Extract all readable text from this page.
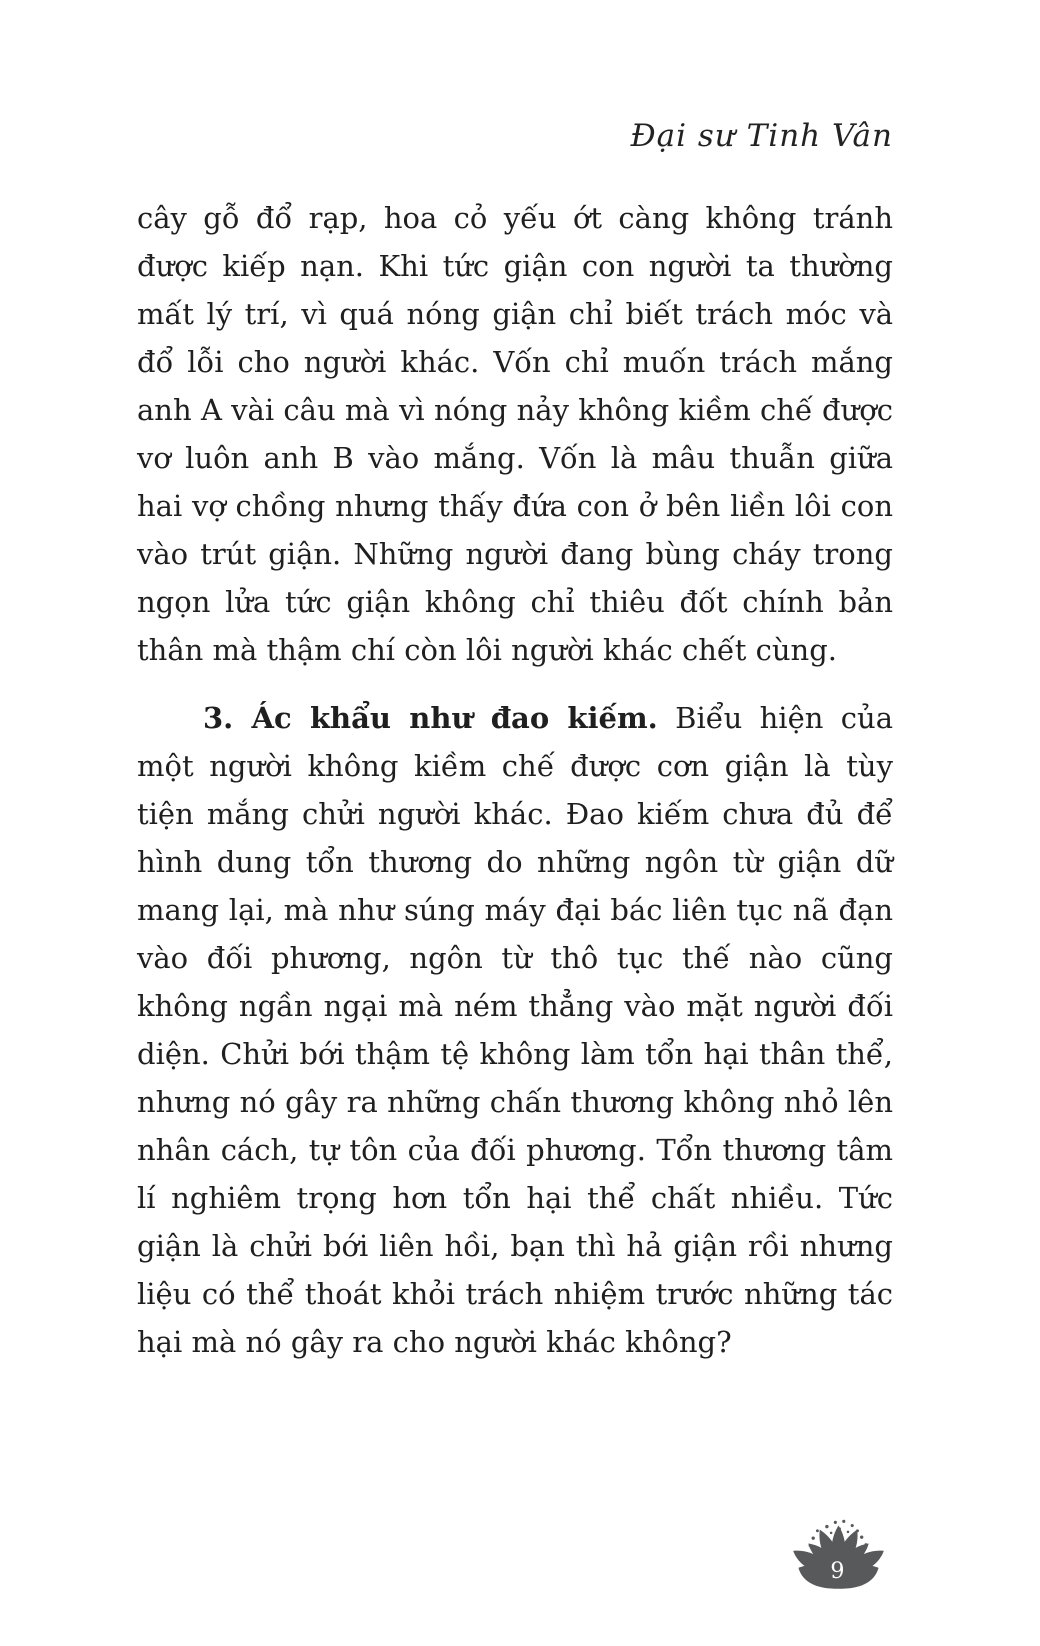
Đại sư Tinh Vân

cây gỗ đổ rạp, hoa cỏ yếu ớt càng không tránh được kiếp nạn. Khi tức giận con người ta thường mất lý trí, vì quá nóng giận chỉ biết trách móc và đổ lỗi cho người khác. Vốn chỉ muốn trách mắng anh A vài câu mà vì nóng nảy không kiềm chế được vơ luôn anh B vào mắng. Vốn là mâu thuẫn giữa hai vợ chồng nhưng thấy đứa con ở bên liền lôi con vào trút giận. Những người đang bùng cháy trong ngọn lửa tức giận không chỉ thiêu đốt chính bản thân mà thậm chí còn lôi người khác chết cùng.

3. Ác khẩu như đao kiếm. Biểu hiện của một người không kiềm chế được cơn giận là tùy tiện mắng chửi người khác. Đao kiếm chưa đủ để hình dung tổn thương do những ngôn từ giận dữ mang lại, mà như súng máy đại bác liên tục nã đạn vào đối phương, ngôn từ thô tục thế nào cũng không ngần ngại mà ném thẳng vào mặt người đối diện. Chửi bới thậm tệ không làm tổn hại thân thể, nhưng nó gây ra những chấn thương không nhỏ lên nhân cách, tự tôn của đối phương. Tổn thương tâm lí nghiêm trọng hơn tổn hại thể chất nhiều. Tức giận là chửi bới liên hồi, bạn thì hả giận rồi nhưng liệu có thể thoát khỏi trách nhiệm trước những tác hại mà nó gây ra cho người khác không?

9
